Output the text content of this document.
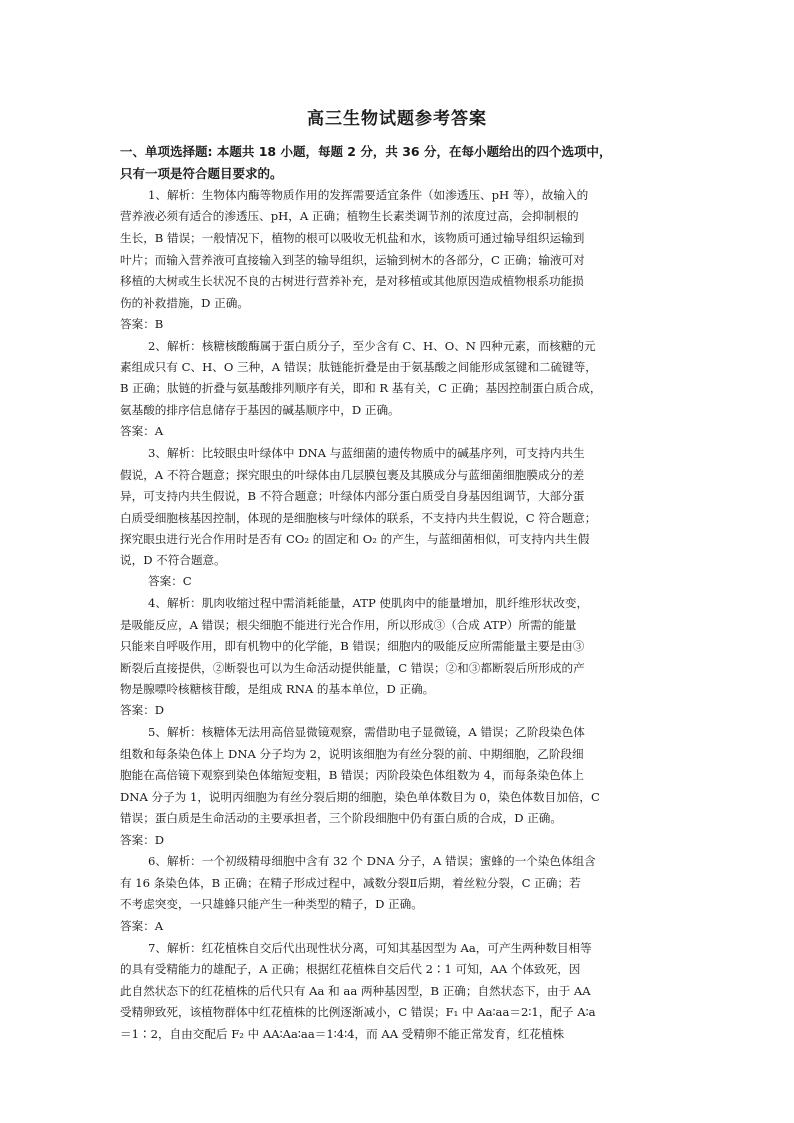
高三生物试题参考答案
一、单项选择题: 本题共 18 小题，每题 2 分，共 36 分，在每小题给出的四个选项中，
只有一项是符合题目要求的。
1、解析：生物体内酶等物质作用的发挥需要适宜条件（如渗透压、pH 等），故输入的
营养液必须有适合的渗透压、pH，A 正确；植物生长素类调节剂的浓度过高，会抑制根的
生长，B 错误；一般情况下，植物的根可以吸收无机盐和水，该物质可通过输导组织运输到
叶片；而输入营养液可直接输入到茎的输导组织，运输到树木的各部分，C 正确；输液可对
移植的大树或生长状况不良的古树进行营养补充，是对移植或其他原因造成植物根系功能损
伤的补救措施，D 正确。
答案：B
2、解析：核糖核酸酶属于蛋白质分子，至少含有 C、H、O、N 四种元素，而核糖的元
素组成只有 C、H、O 三种，A 错误；肽链能折叠是由于氨基酸之间能形成氢键和二硫键等，
B 正确；肽链的折叠与氨基酸排列顺序有关，即和 R 基有关，C 正确；基因控制蛋白质合成，
氨基酸的排序信息储存于基因的碱基顺序中，D 正确。
答案：A
3、解析：比较眼虫叶绿体中 DNA 与蓝细菌的遗传物质中的碱基序列，可支持内共生
假说，A 不符合题意；探究眼虫的叶绿体由几层膜包裹及其膜成分与蓝细菌细胞膜成分的差
异，可支持内共生假说，B 不符合题意；叶绿体内部分蛋白质受自身基因组调节，大部分蛋
白质受细胞核基因控制，体现的是细胞核与叶绿体的联系，不支持内共生假说，C 符合题意；
探究眼虫进行光合作用时是否有 CO₂ 的固定和 O₂ 的产生，与蓝细菌相似，可支持内共生假
说，D 不符合题意。
答案：C
4、解析：肌肉收缩过程中需消耗能量，ATP 使肌肉中的能量增加，肌纤维形状改变，
是吸能反应，A 错误；根尖细胞不能进行光合作用，所以形成③（合成 ATP）所需的能量
只能来自呼吸作用，即有机物中的化学能，B 错误；细胞内的吸能反应所需能量主要是由③
断裂后直接提供，②断裂也可以为生命活动提供能量，C 错误；②和③都断裂后所形成的产
物是腺嘌呤核糖核苷酸，是组成 RNA 的基本单位，D 正确。
答案：D
5、解析：核糖体无法用高倍显微镜观察，需借助电子显微镜，A 错误；乙阶段染色体
组数和每条染色体上 DNA 分子均为 2，说明该细胞为有丝分裂的前、中期细胞，乙阶段细
胞能在高倍镜下观察到染色体缩短变粗，B 错误；丙阶段染色体组数为 4，而每条染色体上
DNA 分子为 1，说明丙细胞为有丝分裂后期的细胞，染色单体数目为 0，染色体数目加倍，C
错误；蛋白质是生命活动的主要承担者，三个阶段细胞中仍有蛋白质的合成，D 正确。
答案：D
6、解析：一个初级精母细胞中含有 32 个 DNA 分子，A 错误；蜜蜂的一个染色体组含
有 16 条染色体，B 正确；在精子形成过程中，减数分裂Ⅱ后期，着丝粒分裂，C 正确；若
不考虑突变，一只雄蜂只能产生一种类型的精子，D 正确。
答案：A
7、解析：红花植株自交后代出现性状分离，可知其基因型为 Aa，可产生两种数目相等
的具有受精能力的雄配子，A 正确；根据红花植株自交后代 2∶1 可知，AA 个体致死，因
此自然状态下的红花植株的后代只有 Aa 和 aa 两种基因型，B 正确；自然状态下，由于 AA
受精卵致死，该植物群体中红花植株的比例逐渐减小，C 错误；F₁ 中 Aa∶aa＝2∶1，配子 A∶a
＝1∶2，自由交配后 F₂ 中 AA∶Aa∶aa＝1∶4∶4，而 AA 受精卵不能正常发育，红花植株
